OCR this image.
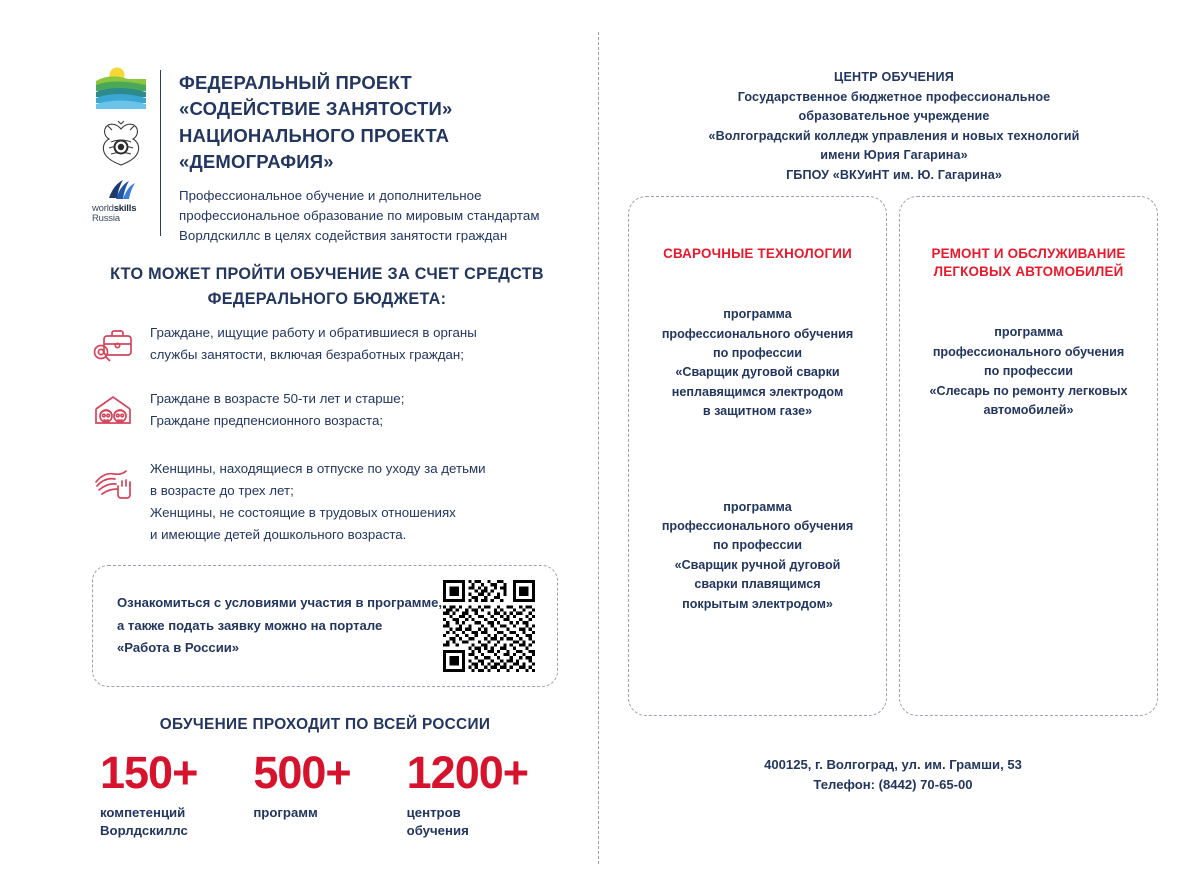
worldskills
Russia
ФЕДЕРАЛЬНЫЙ ПРОЕКТ
«СОДЕЙСТВИЕ ЗАНЯТОСТИ»
НАЦИОНАЛЬНОГО ПРОЕКТА «ДЕМОГРАФИЯ»
Профессиональное обучение и дополнительное
профессиональное образование по мировым стандартам
Ворлдскиллс в целях содействия занятости граждан
КТО МОЖЕТ ПРОЙТИ ОБУЧЕНИЕ ЗА СЧЕТ СРЕДСТВ
ФЕДЕРАЛЬНОГО БЮДЖЕТА:
Граждане, ищущие работу и обратившиеся в органы
службы занятости, включая безработных граждан;
Граждане в возрасте 50-ти лет и старше;
Граждане предпенсионного возраста;
Женщины, находящиеся в отпуске по уходу за детьми
в возрасте до трех лет;
Женщины, не состоящие в трудовых отношениях
и имеющие детей дошкольного возраста.
Ознакомиться с условиями участия в программе,
а также подать заявку можно на портале
«Работа в России»
ОБУЧЕНИЕ ПРОХОДИТ ПО ВСЕЙ РОССИИ
150+
компетенций
Ворлдскиллс
500+
программ
1200+
центров
обучения
ЦЕНТР ОБУЧЕНИЯ
Государственное бюджетное профессиональное
образовательное учреждение
«Волгоградский колледж управления и новых технологий
имени Юрия Гагарина»
ГБПОУ «ВКУиНТ им. Ю. Гагарина»
СВАРОЧНЫЕ ТЕХНОЛОГИИ
программа
профессионального обучения
по профессии
«Сварщик дуговой сварки
неплавящимся электродом
в защитном газе»
программа
профессионального обучения
по профессии
«Сварщик ручной дуговой
сварки плавящимся
покрытым электродом»
РЕМОНТ И ОБСЛУЖИВАНИЕ
ЛЕГКОВЫХ АВТОМОБИЛЕЙ
программа
профессионального обучения
по профессии
«Слесарь по ремонту легковых
автомобилей»
400125, г. Волгоград, ул. им. Грамши, 53
Телефон: (8442) 70-65-00
